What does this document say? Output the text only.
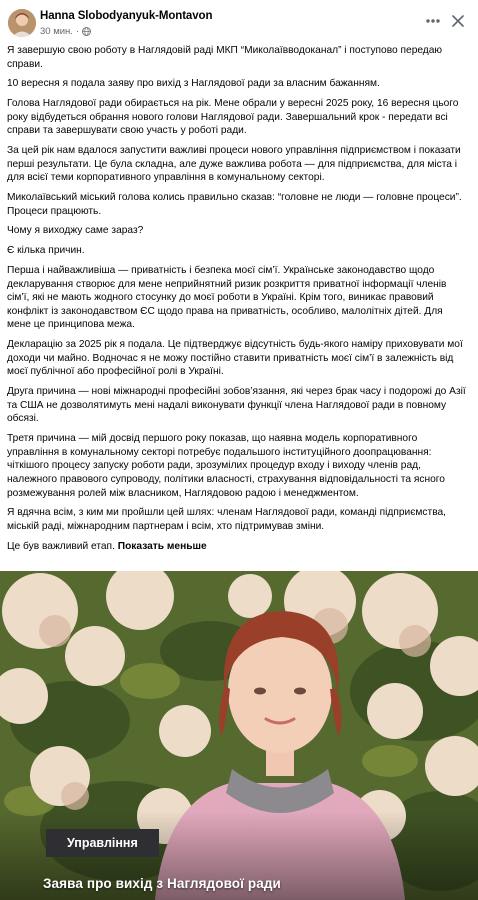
Hanna Slobodyanyuk-Montavon
30 мин. ·

Я завершую свою роботу в Наглядовій раді МКП “Миколаївводоканал” і поступово передаю справи.

10 вересня я подала заяву про вихід з Наглядової ради за власним бажанням.

Голова Наглядової ради обирається на рік. Мене обрали у вересні 2025 року, 16 вересня цього року відбудеться обрання нового голови Наглядової ради. Завершальний крок - передати всі справи та завершувати свою участь у роботі ради.

За цей рік нам вдалося запустити важливі процеси нового управління підприємством і показати перші результати. Це була складна, але дуже важлива робота — для підприємства, для міста і для всієї теми корпоративного управління в комунальному секторі.

Миколаївський міський голова колись правильно сказав: “головне не люди — головне процеси”. Процеси працюють.

Чому я виходжу саме зараз?

Є кілька причин.

Перша і найважливіша — приватність і безпека моєї сім’ї. Українське законодавство щодо декларування створює для мене неприйнятний ризик розкриття приватної інформації членів сім’ї, які не мають жодного стосунку до моєї роботи в Україні. Крім того, виникає правовий конфлікт із законодавством ЄС щодо права на приватність, особливо, малолітніх дітей. Для мене це принципова межа.

Декларацію за 2025 рік я подала. Це підтверджує відсутність будь-якого наміру приховувати мої доходи чи майно. Водночас я не можу постійно ставити приватність моєї сім’ї в залежність від моєї публічної або професійної ролі в Україні.

Друга причина — нові міжнародні професійні зобов’язання, які через брак часу і подорожі до Азії та США не дозволятимуть мені надалі виконувати функції члена Наглядової ради в повному обсязі.

Третя причина — мій досвід першого року показав, що наявна модель корпоративного управління в комунальному секторі потребує подальшого інституційного доопрацювання: чіткішого процесу запуску роботи ради, зрозумілих процедур входу і виходу членів рад, належного правового супроводу, політики власності, страхування відповідальності та ясного розмежування ролей між власником, Наглядовою радою і менеджментом.

Я вдячна всім, з ким ми пройшли цей шлях: членам Наглядової ради, команді підприємства, міській раді, міжнародним партнерам і всім, хто підтримував зміни.

Це був важливий етап. Показать меньше

Управління
Заява про вихід з Наглядової ради
